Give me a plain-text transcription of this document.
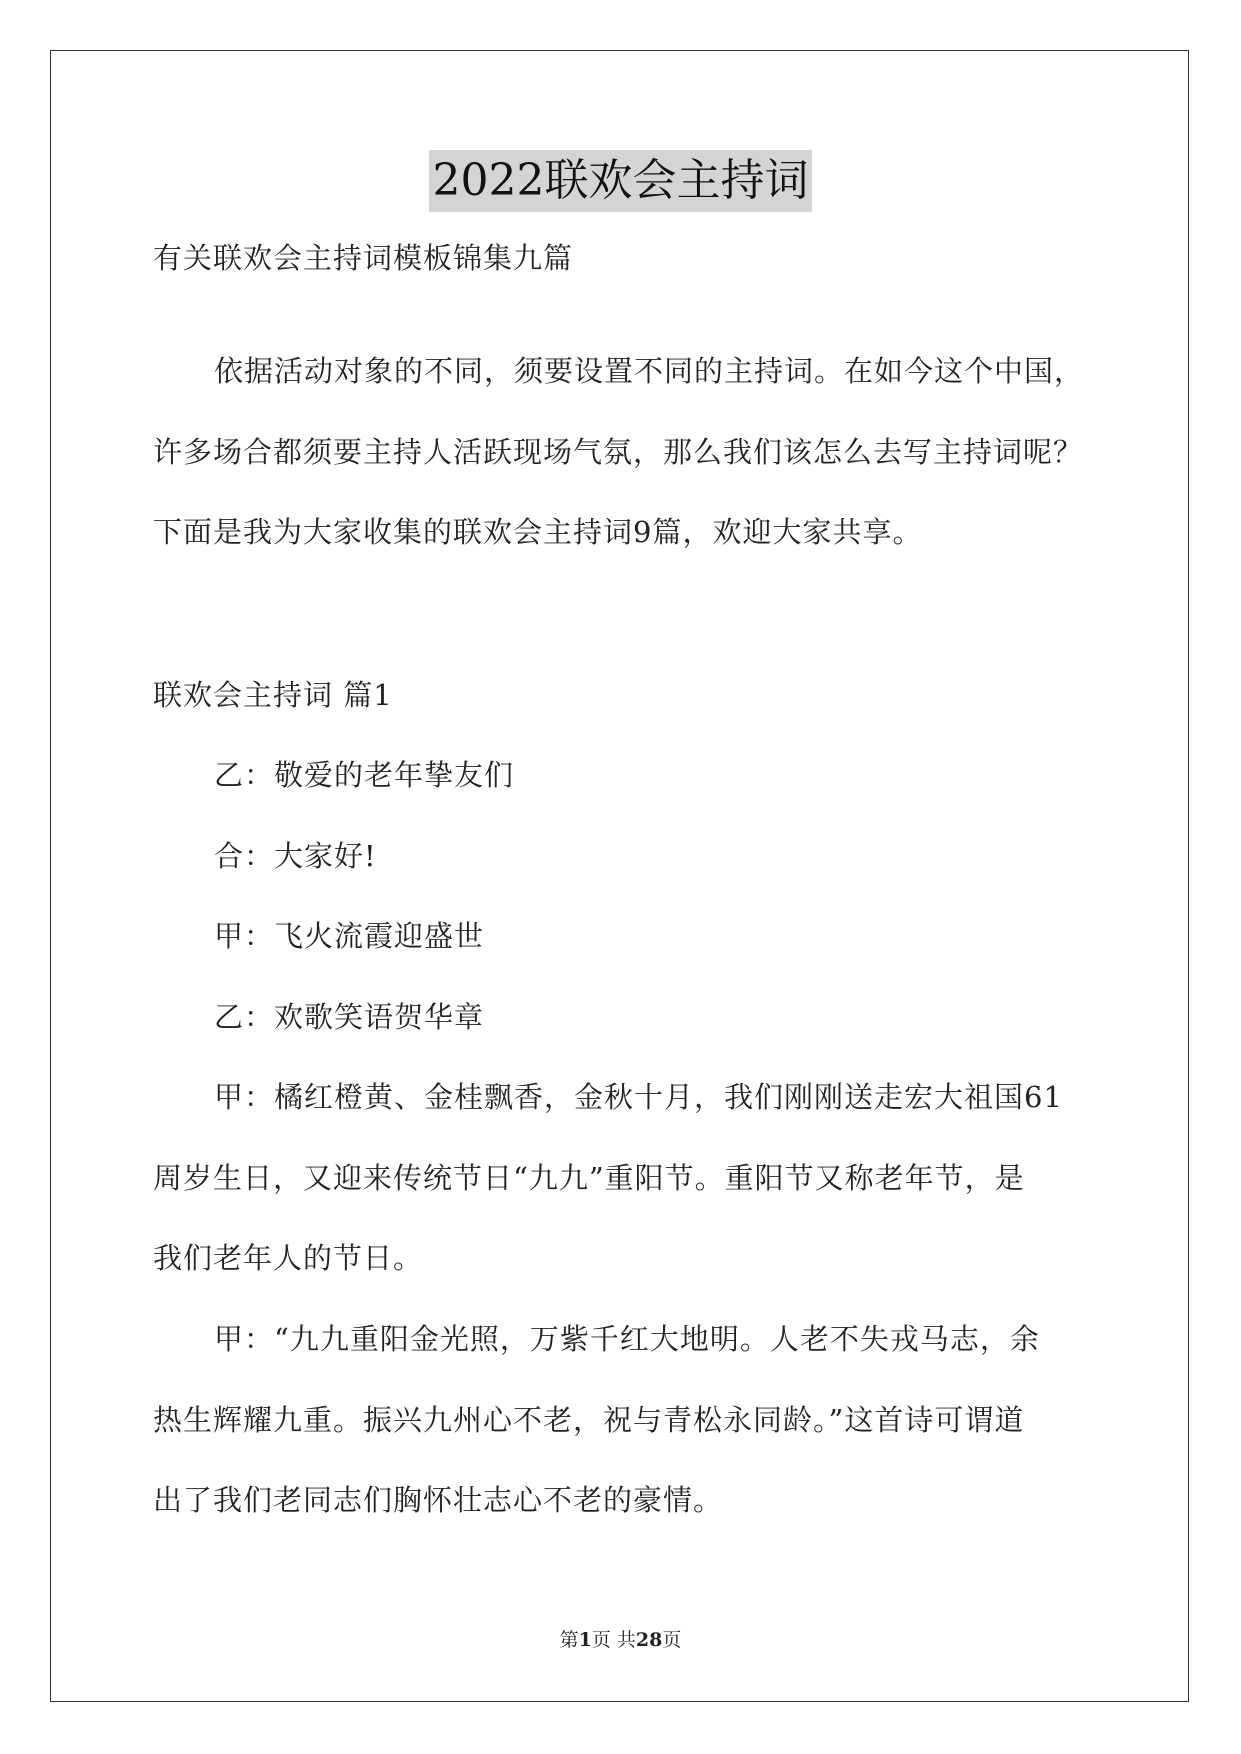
2022联欢会主持词
有关联欢会主持词模板锦集九篇
依据活动对象的不同，须要设置不同的主持词。在如今这个中国，
许多场合都须要主持人活跃现场气氛，那么我们该怎么去写主持词呢？
下面是我为大家收集的联欢会主持词9篇，欢迎大家共享。
联欢会主持词 篇1
乙：敬爱的老年挚友们
合：大家好!
甲：飞火流霞迎盛世
乙：欢歌笑语贺华章
甲：橘红橙黄、金桂飘香，金秋十月，我们刚刚送走宏大祖国61
周岁生日，又迎来传统节日“九九”重阳节。重阳节又称老年节，是
我们老年人的节日。
甲：“九九重阳金光照，万紫千红大地明。人老不失戎马志，余
热生辉耀九重。振兴九州心不老，祝与青松永同龄。”这首诗可谓道
出了我们老同志们胸怀壮志心不老的豪情。
第1页 共28页
